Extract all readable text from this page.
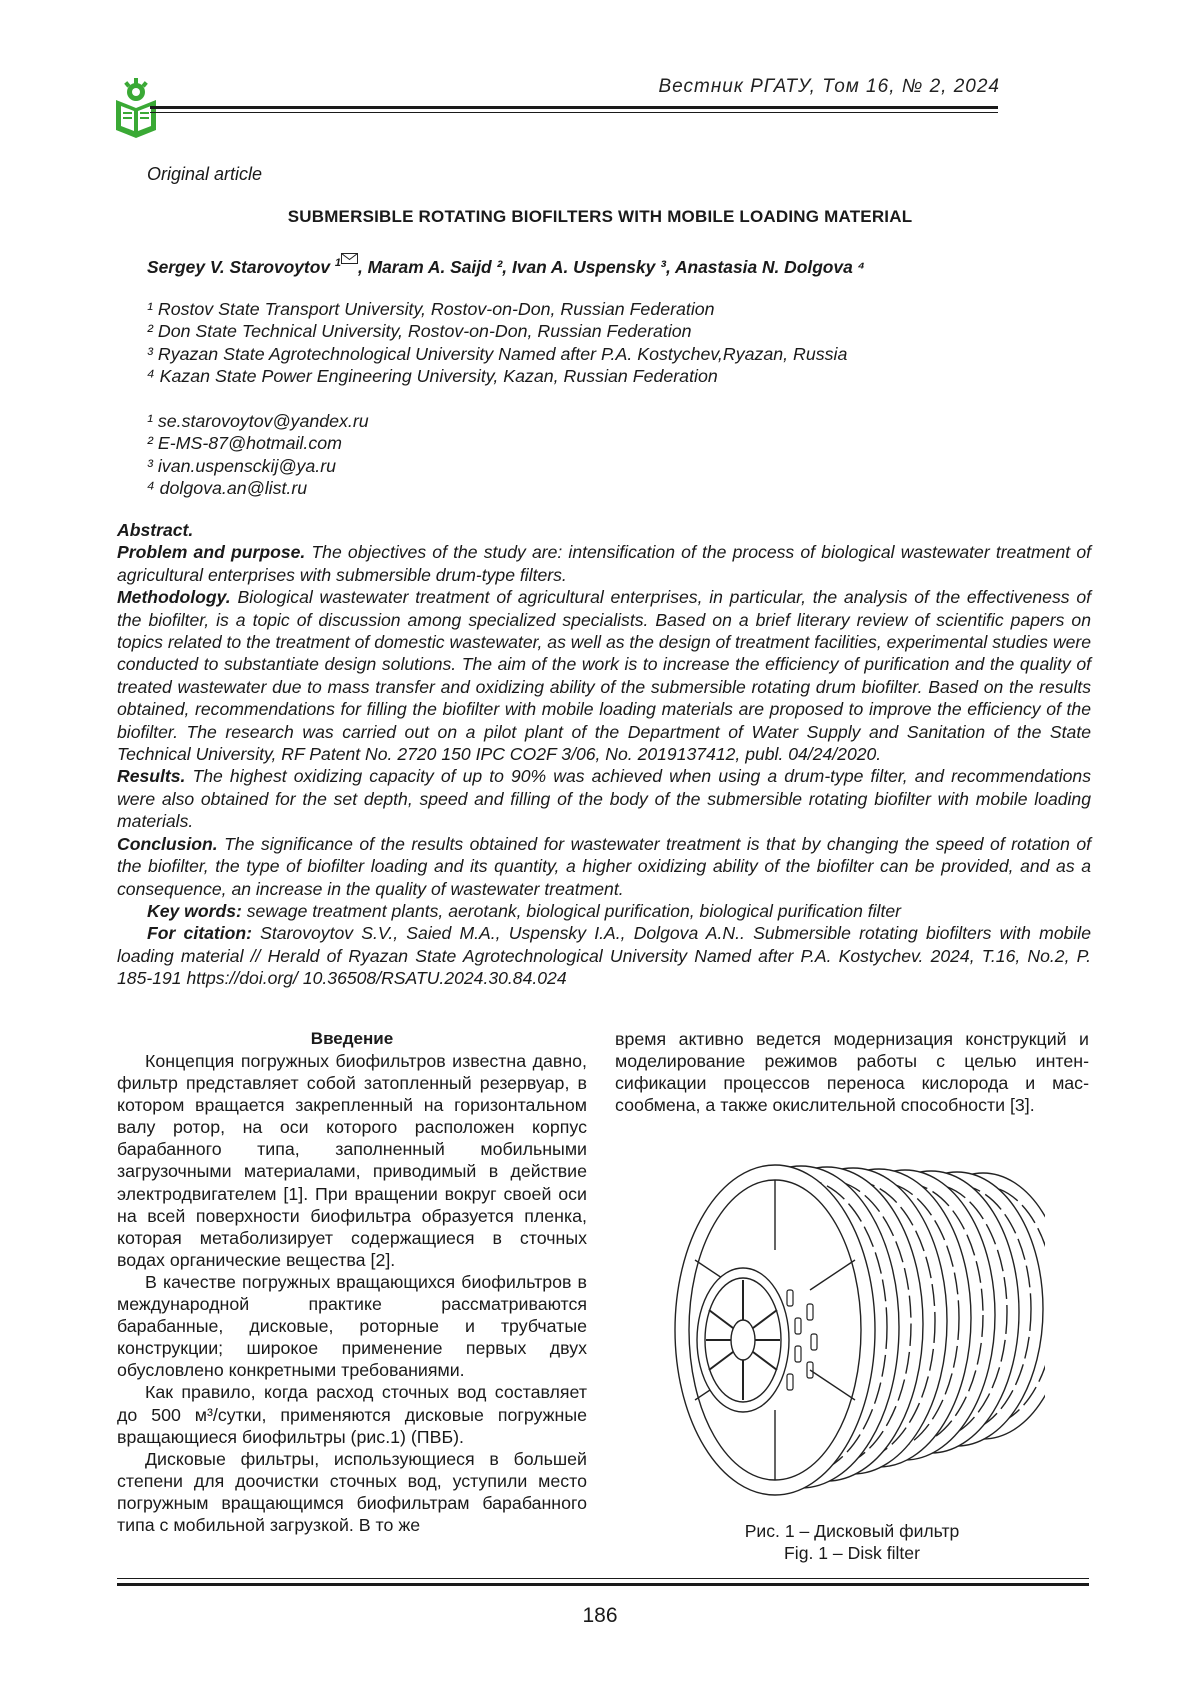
Вестник РГАТУ, Том 16, № 2, 2024
Original article
SUBMERSIBLE ROTATING BIOFILTERS WITH MOBILE LOADING MATERIAL
Sergey V. Starovoytov $^1$ , Maram A. Saijd ², Ivan A. Uspensky ³, Anastasia N. Dolgova ⁴
¹ Rostov State Transport University, Rostov-on-Don, Russian Federation
² Don State Technical University, Rostov-on-Don, Russian Federation
³ Ryazan State Agrotechnological University Named after P.A. Kostychev,Ryazan, Russia
⁴ Kazan State Power Engineering University, Kazan, Russian Federation
¹ se.starovoytov@yandex.ru
² E-MS-87@hotmail.com
³ ivan.uspensckij@ya.ru
⁴ dolgova.an@list.ru

Abstract.

Problem and purpose. The objectives of the study are: intensification of the process of biological wastewater treatment of agricultural enterprises with submersible drum-type filters.

Methodology. Biological wastewater treatment of agricultural enterprises, in particular, the analysis of the effectiveness of the biofilter, is a topic of discussion among specialized specialists. Based on a brief literary review of scientific papers on topics related to the treatment of domestic wastewater, as well as the design of treatment facilities, experimental studies were conducted to substantiate design solutions. The aim of the work is to increase the efficiency of purification and the quality of treated wastewater due to mass transfer and oxidizing ability of the submersible rotating drum biofilter. Based on the results obtained, recommendations for filling the biofilter with mobile loading materials are proposed to improve the efficiency of the biofilter. The research was carried out on a pilot plant of the Department of Water Supply and Sanitation of the State Technical University, RF Patent No. 2720 150 IPC CO2F 3/06, No. 2019137412, publ. 04/24/2020.

Results. The highest oxidizing capacity of up to 90% was achieved when using a drum-type filter, and recommendations were also obtained for the set depth, speed and filling of the body of the submersible rotating biofilter with mobile loading materials.

Conclusion. The significance of the results obtained for wastewater treatment is that by changing the speed of rotation of the biofilter, the type of biofilter loading and its quantity, a higher oxidizing ability of the biofilter can be provided, and as a consequence, an increase in the quality of wastewater treatment.

Key words: sewage treatment plants, aerotank, biological purification, biological purification filter

For citation: Starovoytov S.V., Saied M.A., Uspensky I.A., Dolgova A.N.. Submersible rotating biofilters with mobile loading material // Herald of Ryazan State Agrotechnological University Named after P.A. Kostychev. 2024, T.16, No.2, P. 185-191 https://doi.org/ 10.36508/RSATU.2024.30.84.024

Введение

Концепция погружных биофильтров известна давно, фильтр представляет собой затопленный резервуар, в котором вращается закрепленный на горизонтальном валу ротор, на оси которого расположен корпус барабанного типа, заполненный мобильными загрузочными материалами, приводимый в действие электродвигателем [1]. При вращении вокруг своей оси на всей поверхности биофильтра образуется пленка, которая метаболизирует содержащиеся в сточных водах органические вещества [2].

В качестве погружных вращающихся биофильтров в международной практике рассматриваются барабанные, дисковые, роторные и трубчатые конструкции; широкое применение первых двух обусловлено конкретными требованиями.

Как правило, когда расход сточных вод составляет до 500 м³/сутки, применяются дисковые погружные вращающиеся биофильтры (рис.1) (ПВБ).

Дисковые фильтры, использующиеся в большей степени для доочистки сточных вод, уступили место погружным вращающимся биофильтрам барабанного типа с мобильной загрузкой. В то же

время активно ведется модернизация конструкций и моделирование режимов работы с целью интенсификации процессов переноса кислорода и массообмена, а также окислительной способности [3].

Рис. 1 – Дисковый фильтр
Fig. 1 – Disk filter
186
